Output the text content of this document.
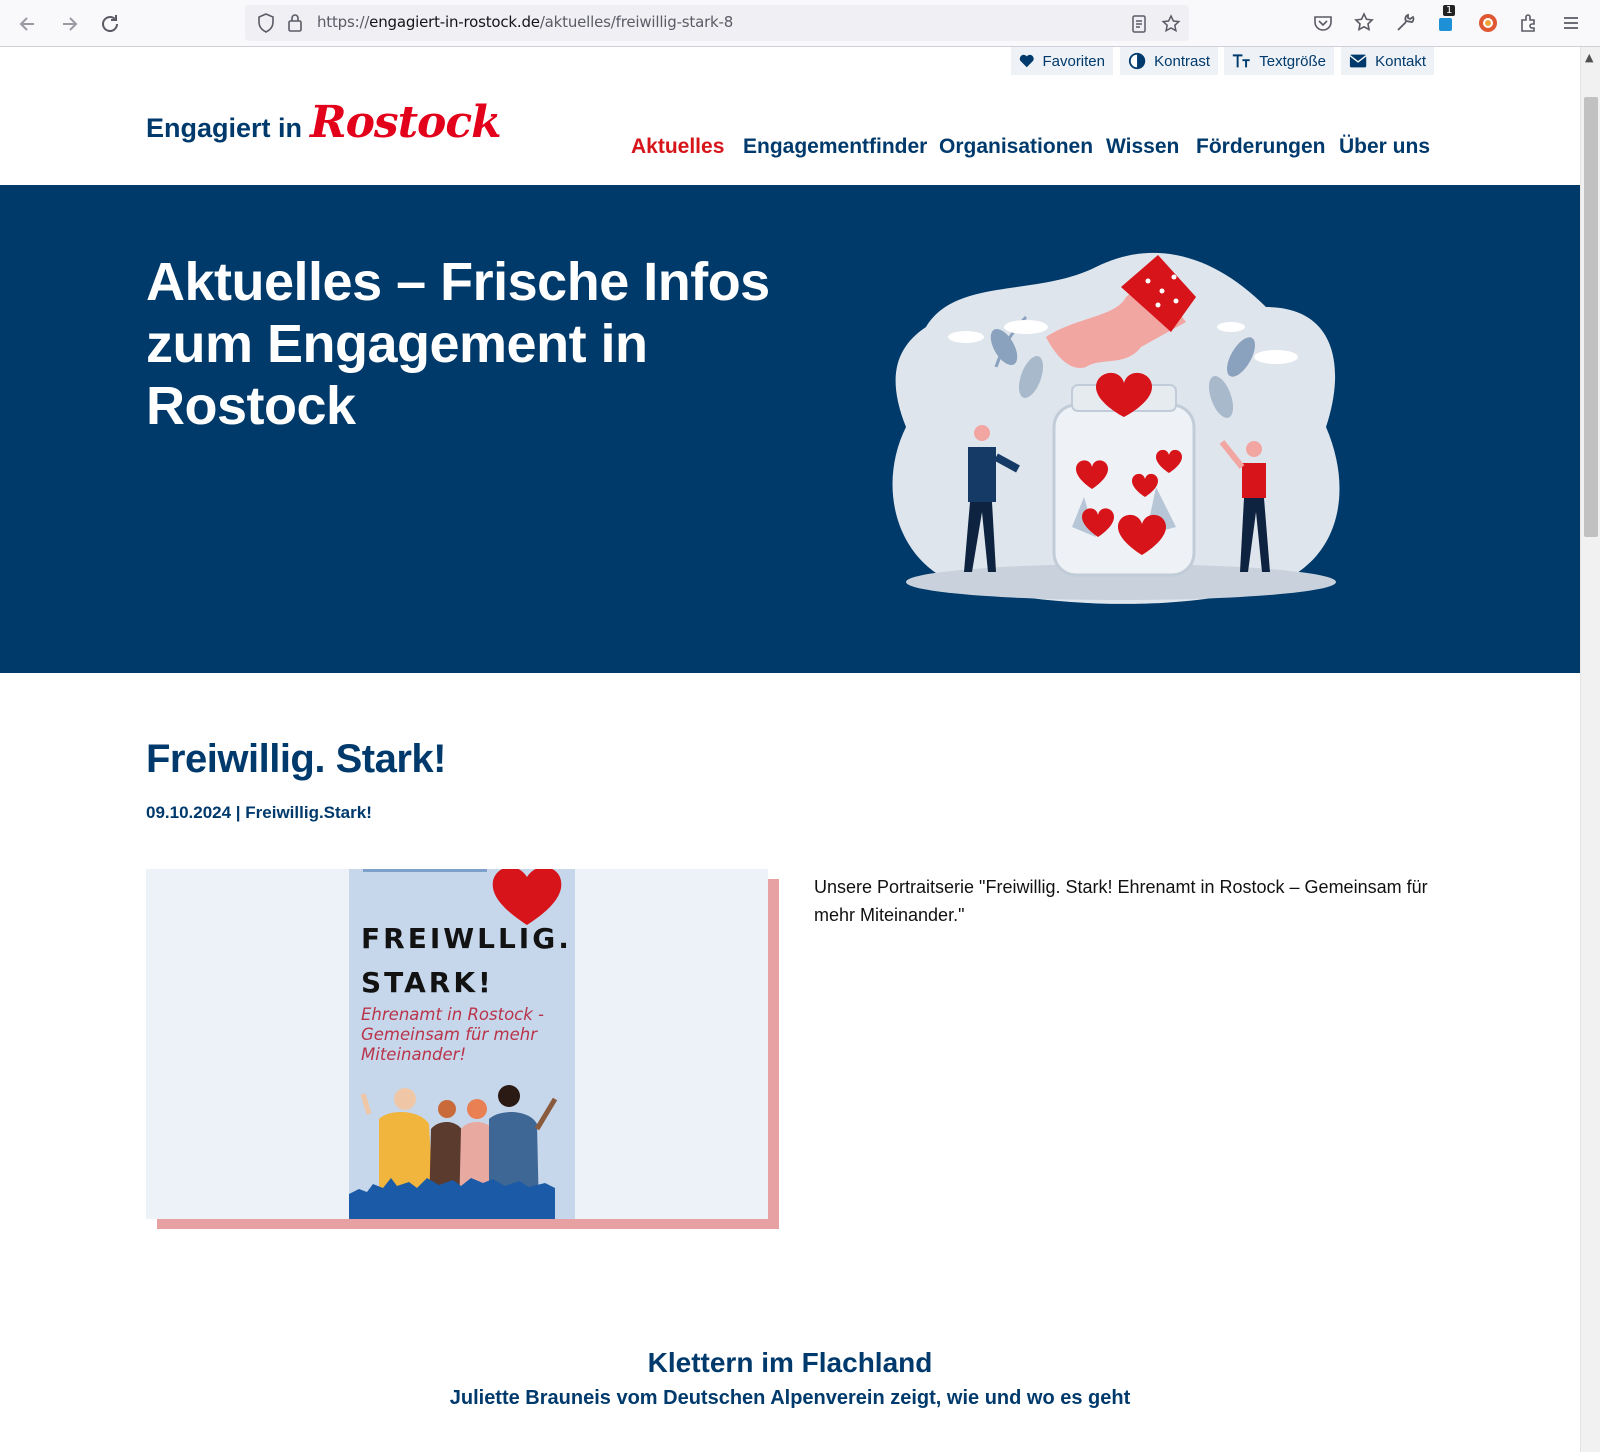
https://engagiert-in-rostock.de/aktuelles/freiwillig-stark-8
1
Favoriten	Kontrast	Textgröße	Kontakt
Engagiert in Rostock	Aktuelles Engagementfinder Organisationen Wissen Förderungen Über uns
Aktuelles – Frische Infos zum Engagement in Rostock
Freiwillig. Stark!
09.10.2024 | Freiwillig.Stark!
FREIWLLIG.
STARK!
Ehrenamt in Rostock - Gemeinsam für mehr Miteinander!
Unsere Portraitserie "Freiwillig. Stark! Ehrenamt in Rostock – Gemeinsam für mehr Miteinander."
Klettern im Flachland
Juliette Brauneis vom Deutschen Alpenverein zeigt, wie und wo es geht
▲
